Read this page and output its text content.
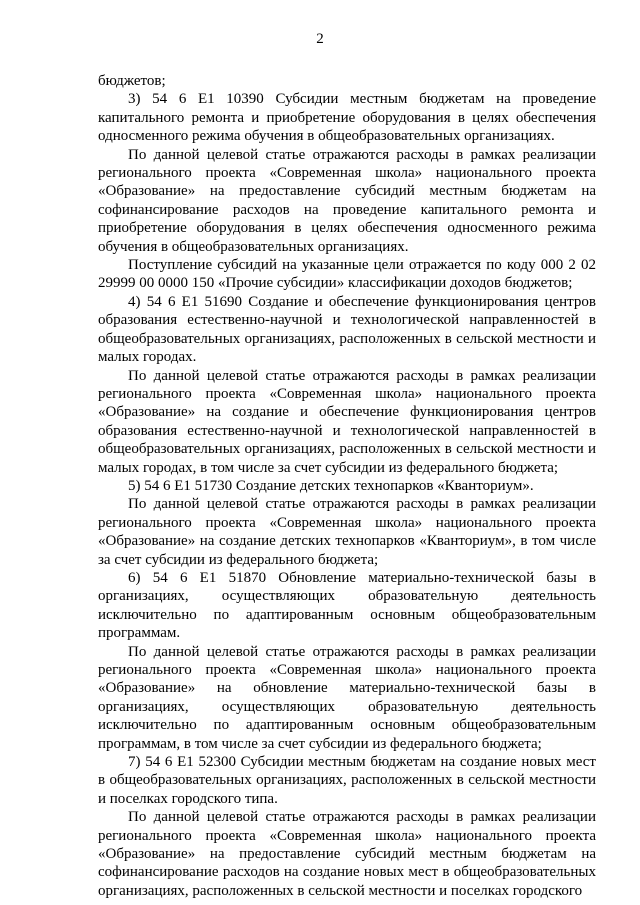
2

бюджетов;

3) 54 6 E1 10390 Субсидии местным бюджетам на проведение капитального ремонта и приобретение оборудования в целях обеспечения односменного режима обучения в общеобразовательных организациях.

По данной целевой статье отражаются расходы в рамках реализации регионального проекта «Современная школа» национального проекта «Образование» на предоставление субсидий местным бюджетам на софинансирование расходов на проведение капитального ремонта и приобретение оборудования в целях обеспечения односменного режима обучения в общеобразовательных организациях.

Поступление субсидий на указанные цели отражается по коду 000 2 02 29999 00 0000 150 «Прочие субсидии» классификации доходов бюджетов;

4) 54 6 E1 51690 Создание и обеспечение функционирования центров образования естественно-научной и технологической направленностей в общеобразовательных организациях, расположенных в сельской местности и малых городах.

По данной целевой статье отражаются расходы в рамках реализации регионального проекта «Современная школа» национального проекта «Образование» на создание и обеспечение функционирования центров образования естественно-научной и технологической направленностей в общеобразовательных организациях, расположенных в сельской местности и малых городах, в том числе за счет субсидии из федерального бюджета;

5) 54 6 E1 51730 Создание детских технопарков «Кванториум».

По данной целевой статье отражаются расходы в рамках реализации регионального проекта «Современная школа» национального проекта «Образование» на создание детских технопарков «Кванториум», в том числе за счет субсидии из федерального бюджета;

6) 54 6 E1 51870 Обновление материально-технической базы в организациях, осуществляющих образовательную деятельность исключительно по адаптированным основным общеобразовательным программам.

По данной целевой статье отражаются расходы в рамках реализации регионального проекта «Современная школа» национального проекта «Образование» на обновление материально-технической базы в организациях, осуществляющих образовательную деятельность исключительно по адаптированным основным общеобразовательным программам, в том числе за счет субсидии из федерального бюджета;

7) 54 6 E1 52300 Субсидии местным бюджетам на создание новых мест в общеобразовательных организациях, расположенных в сельской местности и поселках городского типа.

По данной целевой статье отражаются расходы в рамках реализации регионального проекта «Современная школа» национального проекта «Образование» на предоставление субсидий местным бюджетам на софинансирование расходов на создание новых мест в общеобразовательных организациях, расположенных в сельской местности и поселках городского
